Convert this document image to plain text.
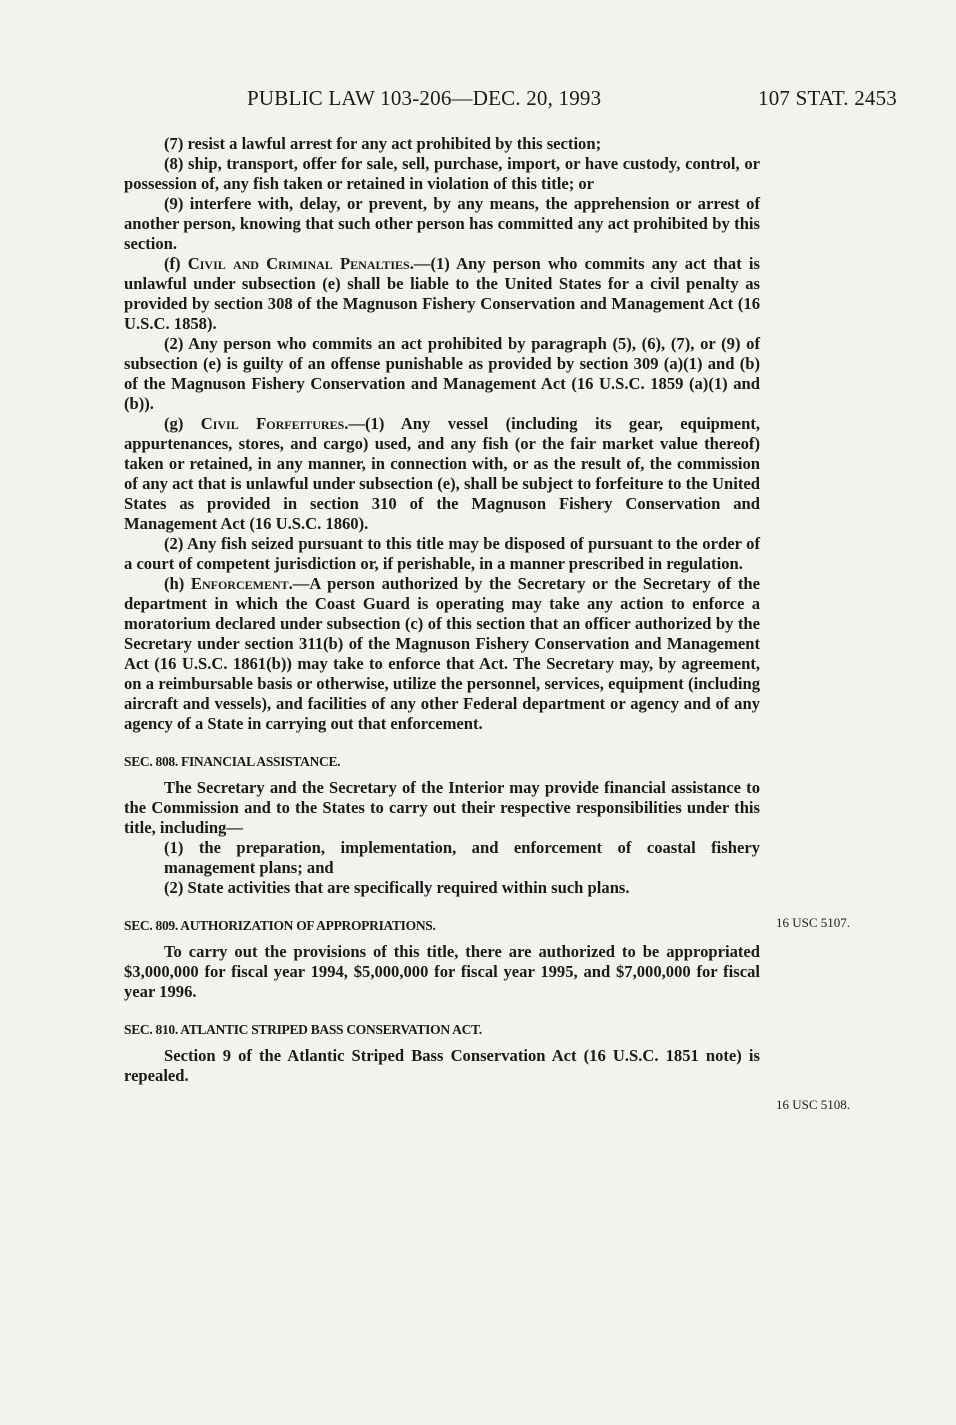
PUBLIC LAW 103-206—DEC. 20, 1993	107 STAT. 2453

(7) resist a lawful arrest for any act prohibited by this section;

(8) ship, transport, offer for sale, sell, purchase, import, or have custody, control, or possession of, any fish taken or retained in violation of this title; or

(9) interfere with, delay, or prevent, by any means, the apprehension or arrest of another person, knowing that such other person has committed any act prohibited by this section.

(f) Civil and Criminal Penalties.—(1) Any person who commits any act that is unlawful under subsection (e) shall be liable to the United States for a civil penalty as provided by section 308 of the Magnuson Fishery Conservation and Management Act (16 U.S.C. 1858).

(2) Any person who commits an act prohibited by paragraph (5), (6), (7), or (9) of subsection (e) is guilty of an offense punishable as provided by section 309 (a)(1) and (b) of the Magnuson Fishery Conservation and Management Act (16 U.S.C. 1859 (a)(1) and (b)).

(g) Civil Forfeitures.—(1) Any vessel (including its gear, equipment, appurtenances, stores, and cargo) used, and any fish (or the fair market value thereof) taken or retained, in any manner, in connection with, or as the result of, the commission of any act that is unlawful under subsection (e), shall be subject to forfeiture to the United States as provided in section 310 of the Magnuson Fishery Conservation and Management Act (16 U.S.C. 1860).

(2) Any fish seized pursuant to this title may be disposed of pursuant to the order of a court of competent jurisdiction or, if perishable, in a manner prescribed in regulation.

(h) Enforcement.—A person authorized by the Secretary or the Secretary of the department in which the Coast Guard is operating may take any action to enforce a moratorium declared under subsection (c) of this section that an officer authorized by the Secretary under section 311(b) of the Magnuson Fishery Conservation and Management Act (16 U.S.C. 1861(b)) may take to enforce that Act. The Secretary may, by agreement, on a reimbursable basis or otherwise, utilize the personnel, services, equipment (including aircraft and vessels), and facilities of any other Federal department or agency and of any agency of a State in carrying out that enforcement.

SEC. 808. FINANCIAL ASSISTANCE.

The Secretary and the Secretary of the Interior may provide financial assistance to the Commission and to the States to carry out their respective responsibilities under this title, including—

(1) the preparation, implementation, and enforcement of coastal fishery management plans; and

(2) State activities that are specifically required within such plans.

SEC. 809. AUTHORIZATION OF APPROPRIATIONS.

To carry out the provisions of this title, there are authorized to be appropriated $3,000,000 for fiscal year 1994, $5,000,000 for fiscal year 1995, and $7,000,000 for fiscal year 1996.

SEC. 810. ATLANTIC STRIPED BASS CONSERVATION ACT.

Section 9 of the Atlantic Striped Bass Conservation Act (16 U.S.C. 1851 note) is repealed.

16 USC 5107.
16 USC 5108.
